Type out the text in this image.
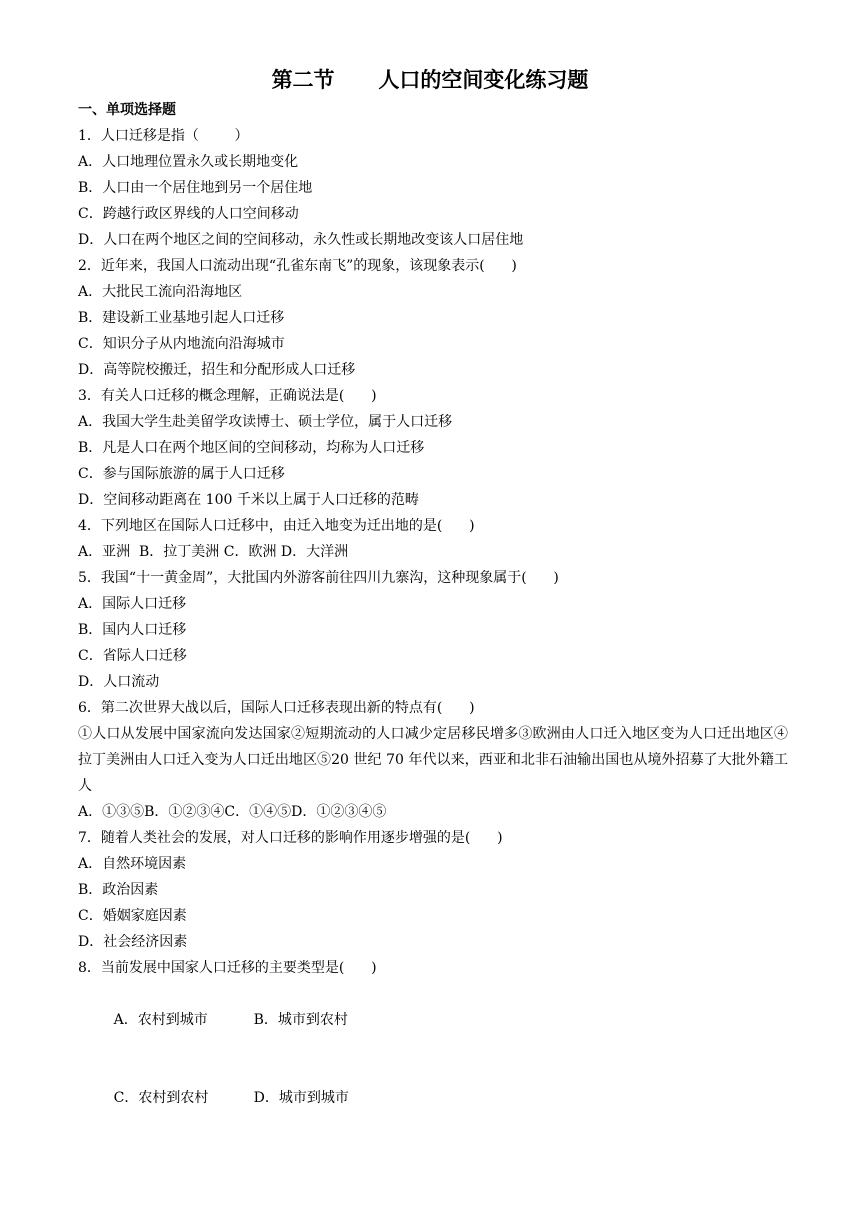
第二节      人口的空间变化练习题
一、单项选择题
1．人口迁移是指（        ）
A．人口地理位置永久或长期地变化
B．人口由一个居住地到另一个居住地
C．跨越行政区界线的人口空间移动
D．人口在两个地区之间的空间移动，永久性或长期地改变该人口居住地
2．近年来，我国人口流动出现“孔雀东南飞”的现象，该现象表示(      )
A．大批民工流向沿海地区
B．建设新工业基地引起人口迁移
C．知识分子从内地流向沿海城市
D．高等院校搬迁，招生和分配形成人口迁移
3．有关人口迁移的概念理解，正确说法是(      )
A．我国大学生赴美留学攻读博士、硕士学位，属于人口迁移
B．凡是人口在两个地区间的空间移动，均称为人口迁移
C．参与国际旅游的属于人口迁移
D．空间移动距离在 100 千米以上属于人口迁移的范畴
4．下列地区在国际人口迁移中，由迁入地变为迁出地的是(      )
A．亚洲  B．拉丁美洲 C．欧洲 D．大洋洲
5．我国“十一黄金周”，大批国内外游客前往四川九寨沟，这种现象属于(      )
A．国际人口迁移
B．国内人口迁移
C．省际人口迁移
D．人口流动
6．第二次世界大战以后，国际人口迁移表现出新的特点有(      )
①人口从发展中国家流向发达国家②短期流动的人口减少定居移民增多③欧洲由人口迁入地区变为人口迁出地区④拉丁美洲由人口迁入变为人口迁出地区⑤20 世纪 70 年代以来，西亚和北非石油输出国也从境外招募了大批外籍工人
A．①③⑤B．①②③④C．①④⑤D．①②③④⑤
7．随着人类社会的发展，对人口迁移的影响作用逐步增强的是(      )
A．自然环境因素
B．政治因素
C．婚姻家庭因素
D．社会经济因素
8．当前发展中国家人口迁移的主要类型是(      )

A．农村到城市	B．城市到农村

C．农村到农村	D．城市到城市
